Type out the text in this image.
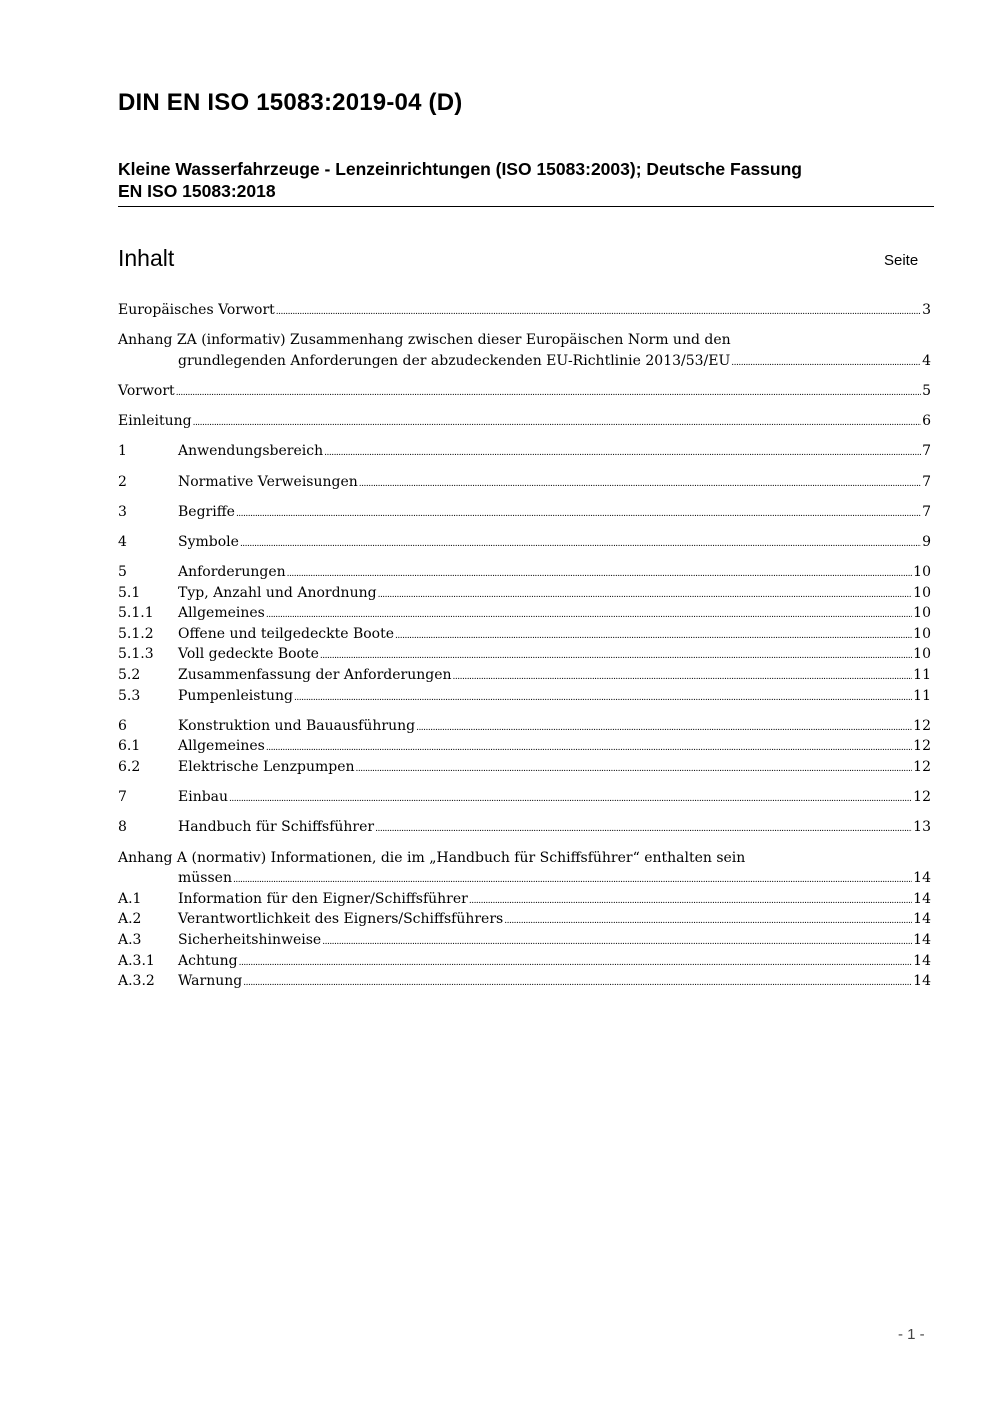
DIN EN ISO 15083:2019-04 (D)
Kleine Wasserfahrzeuge - Lenzeinrichtungen (ISO 15083:2003); Deutsche Fassung
EN ISO 15083:2018
Inhalt	Seite
Europäisches Vorwort .....	3
Anhang ZA (informativ) Zusammenhang zwischen dieser Europäischen Norm und den
grundlegenden Anforderungen der abzudeckenden EU-Richtlinie 2013/53/EU .....	4
Vorwort .....	5
Einleitung .....	6
1	Anwendungsbereich .....	7
2	Normative Verweisungen .....	7
3	Begriffe .....	7
4	Symbole .....	9
5	Anforderungen .....	10
5.1	Typ, Anzahl und Anordnung .....	10
5.1.1 Allgemeines .....	10
5.1.2 Offene und teilgedeckte Boote .....	10
5.1.3 Voll gedeckte Boote .....	10
5.2	Zusammenfassung der Anforderungen .....	11
5.3	Pumpenleistung .....	11
6	Konstruktion und Bauausführung .....	12
6.1	Allgemeines .....	12
6.2	Elektrische Lenzpumpen .....	12
7	Einbau .....	12
8	Handbuch für Schiffsführer .....	13
Anhang A (normativ) Informationen, die im „Handbuch für Schiffsführer“ enthalten sein
müssen .....	14
A.1	Information für den Eigner/Schiffsführer .....	14
A.2	Verantwortlichkeit des Eigners/Schiffsführers .....	14
A.3	Sicherheitshinweise .....	14
A.3.1 Achtung .....	14
A.3.2 Warnung .....	14
- 1 -
